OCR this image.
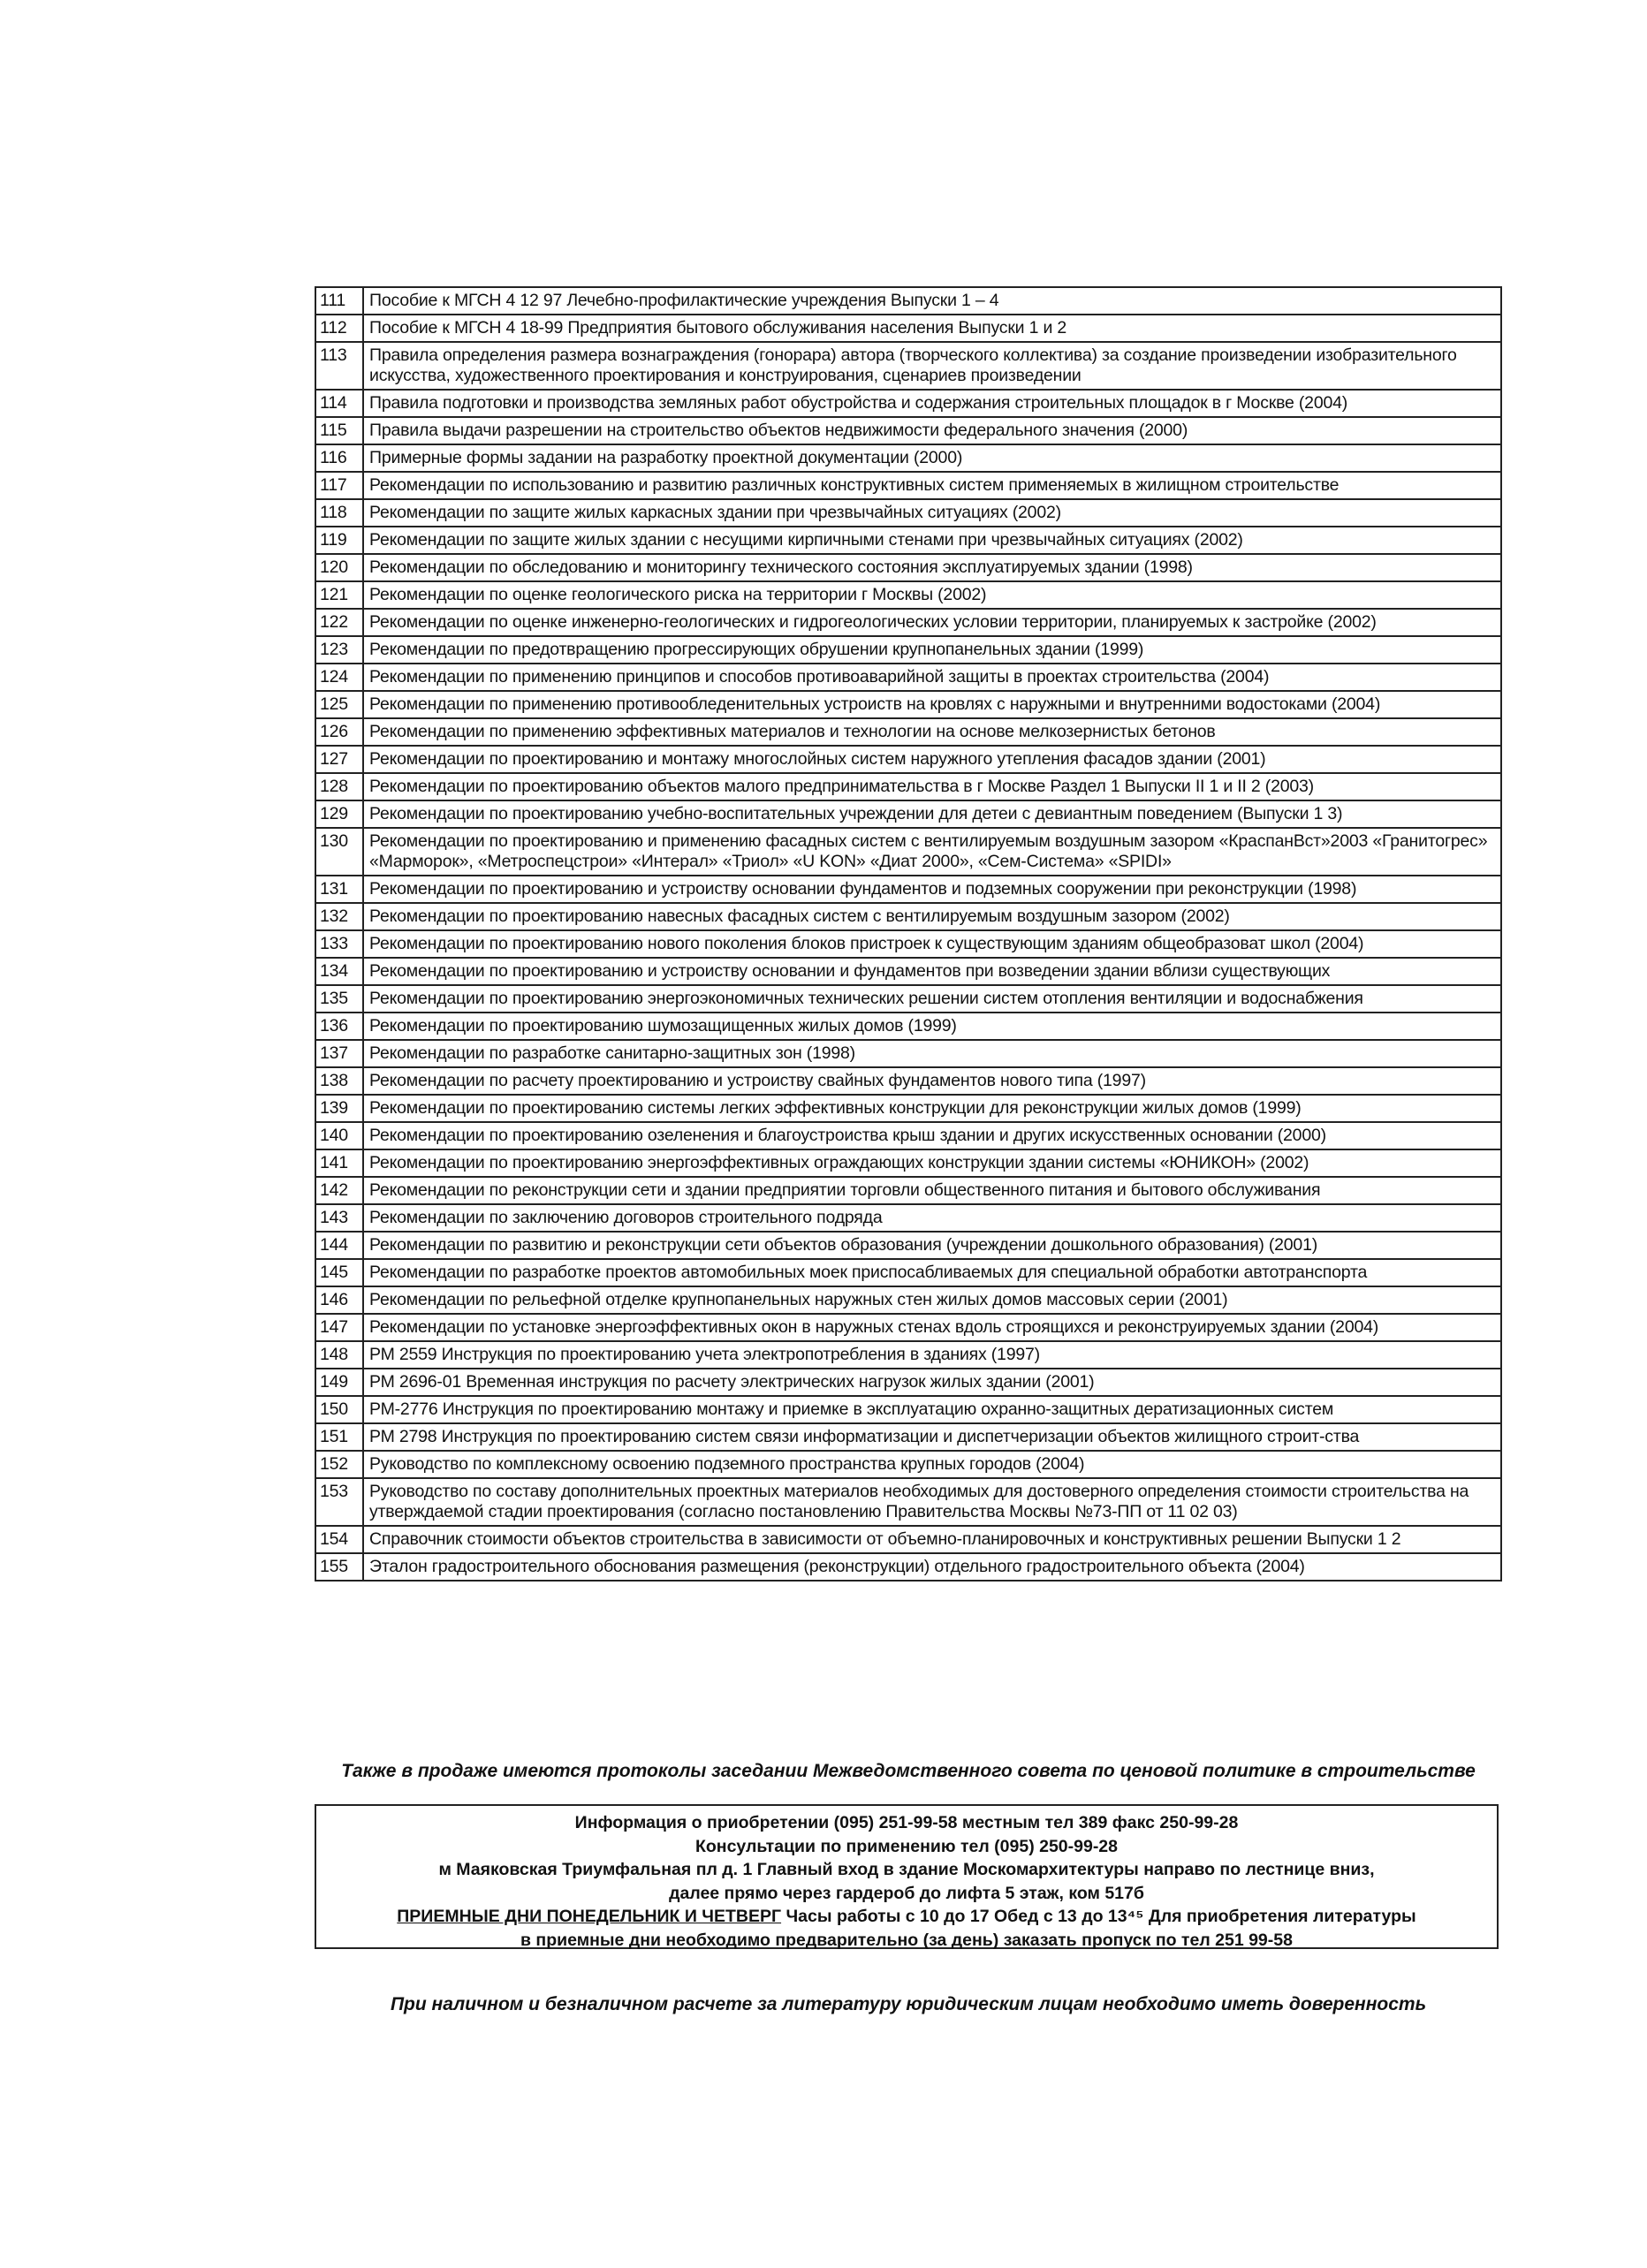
111	Пособие к МГСН 4 12 97 Лечебно-профилактические учреждения Выпуски 1 – 4
112	Пособие к МГСН 4 18-99 Предприятия бытового обслуживания населения Выпуски 1 и 2
113	Правила определения размера вознаграждения (гонорара) автора (творческого коллектива) за создание произведении изобразительного искусства, художественного проектирования и конструирования, сценариев произведении
114	Правила подготовки и производства земляных работ обустройства и содержания строительных площадок в г Москве (2004)
115	Правила выдачи разрешении на строительство объектов недвижимости федерального значения (2000)
116	Примерные формы задании на разработку проектной документации (2000)
117	Рекомендации по использованию и развитию различных конструктивных систем применяемых в жилищном строительстве
118	Рекомендации по защите жилых каркасных здании при чрезвычайных ситуациях (2002)
119	Рекомендации по защите жилых здании с несущими кирпичными стенами при чрезвычайных ситуациях (2002)
120	Рекомендации по обследованию и мониторингу технического состояния эксплуатируемых здании (1998)
121	Рекомендации по оценке геологического риска на территории г Москвы (2002)
122	Рекомендации по оценке инженерно-геологических и гидрогеологических условии территории, планируемых к застройке (2002)
123	Рекомендации по предотвращению прогрессирующих обрушении крупнопанельных здании (1999)
124	Рекомендации по применению принципов и способов противоаварийной защиты в проектах строительства (2004)
125	Рекомендации по применению противообледенительных устроиств на кровлях с наружными и внутренними водостоками (2004)
126	Рекомендации по применению эффективных материалов и технологии на основе мелкозернистых бетонов
127	Рекомендации по проектированию и монтажу многослойных систем наружного утепления фасадов здании (2001)
128	Рекомендации по проектированию объектов малого предпринимательства в г Москве Раздел 1 Выпуски II 1 и II 2 (2003)
129	Рекомендации по проектированию учебно-воспитательных учреждении для детеи с девиантным поведением (Выпуски 1 3)
130	Рекомендации по проектированию и применению фасадных систем с вентилируемым воздушным зазором «КраспанВст»2003 «Гранитогрес» «Марморок», «Метроспецстрои» «Интерал» «Триол» «U KON» «Диат 2000», «Сем-Система» «SPIDI»
131	Рекомендации по проектированию и устроиству основании фундаментов и подземных сооружении при реконструкции (1998)
132	Рекомендации по проектированию навесных фасадных систем с вентилируемым воздушным зазором (2002)
133	Рекомендации по проектированию нового поколения блоков пристроек к существующим зданиям общеобразоват школ (2004)
134	Рекомендации по проектированию и устроиству основании и фундаментов при возведении здании вблизи существующих
135	Рекомендации по проектированию энергоэкономичных технических решении систем отопления вентиляции и водоснабжения
136	Рекомендации по проектированию шумозащищенных жилых домов (1999)
137	Рекомендации по разработке санитарно-защитных зон (1998)
138	Рекомендации по расчету проектированию и устроиству свайных фундаментов нового типа (1997)
139	Рекомендации по проектированию системы легких эффективных конструкции для реконструкции жилых домов (1999)
140	Рекомендации по проектированию озеленения и благоустроиства крыш здании и других искусственных основании (2000)
141	Рекомендации по проектированию энергоэффективных ограждающих конструкции здании системы «ЮНИКОН» (2002)
142	Рекомендации по реконструкции сети и здании предприятии торговли общественного питания и бытового обслуживания
143	Рекомендации по заключению договоров строительного подряда
144	Рекомендации по развитию и реконструкции сети объектов образования (учреждении дошкольного образования) (2001)
145	Рекомендации по разработке проектов автомобильных моек приспосабливаемых для специальной обработки автотранспорта
146	Рекомендации по рельефной отделке крупнопанельных наружных стен жилых домов массовых серии (2001)
147	Рекомендации по установке энергоэффективных окон в наружных стенах вдоль строящихся и реконструируемых здании (2004)
148	РМ 2559 Инструкция по проектированию учета электропотребления в зданиях (1997)
149	РМ 2696-01 Временная инструкция по расчету электрических нагрузок жилых здании (2001)
150	РМ-2776 Инструкция по проектированию монтажу и приемке в эксплуатацию охранно-защитных дератизационных систем
151	РМ 2798 Инструкция по проектированию систем связи информатизации и диспетчеризации объектов жилищного строит-ства
152	Руководство по комплексному освоению подземного пространства крупных городов (2004)
153	Руководство по составу дополнительных проектных материалов необходимых для достоверного определения стоимости строительства на утверждаемой стадии проектирования (согласно постановлению Правительства Москвы №73-ПП от 11 02 03)
154	Справочник стоимости объектов строительства в зависимости от объемно-планировочных и конструктивных решении Выпуски 1 2
155	Эталон градостроительного обоснования размещения (реконструкции) отдельного градостроительного объекта (2004)
Также в продаже имеются протоколы заседании Межведомственного совета по ценовой политике в строительстве
Информация о приобретении (095) 251-99-58 местным тел 389 факс 250-99-28
Консультации по применению тел (095) 250-99-28
м Маяковская Триумфальная пл д. 1 Главный вход в здание Москомархитектуры направо по лестнице вниз,
далее прямо через гардероб до лифта 5 этаж, ком 517б
ПРИЕМНЫЕ ДНИ ПОНЕДЕЛЬНИК И ЧЕТВЕРГ Часы работы с 10 до 17 Обед с 13 до 13⁴⁵ Для приобретения литературы
в приемные дни необходимо предварительно (за день) заказать пропуск по тел 251 99-58
При наличном и безналичном расчете за литературу юридическим лицам необходимо иметь доверенность
